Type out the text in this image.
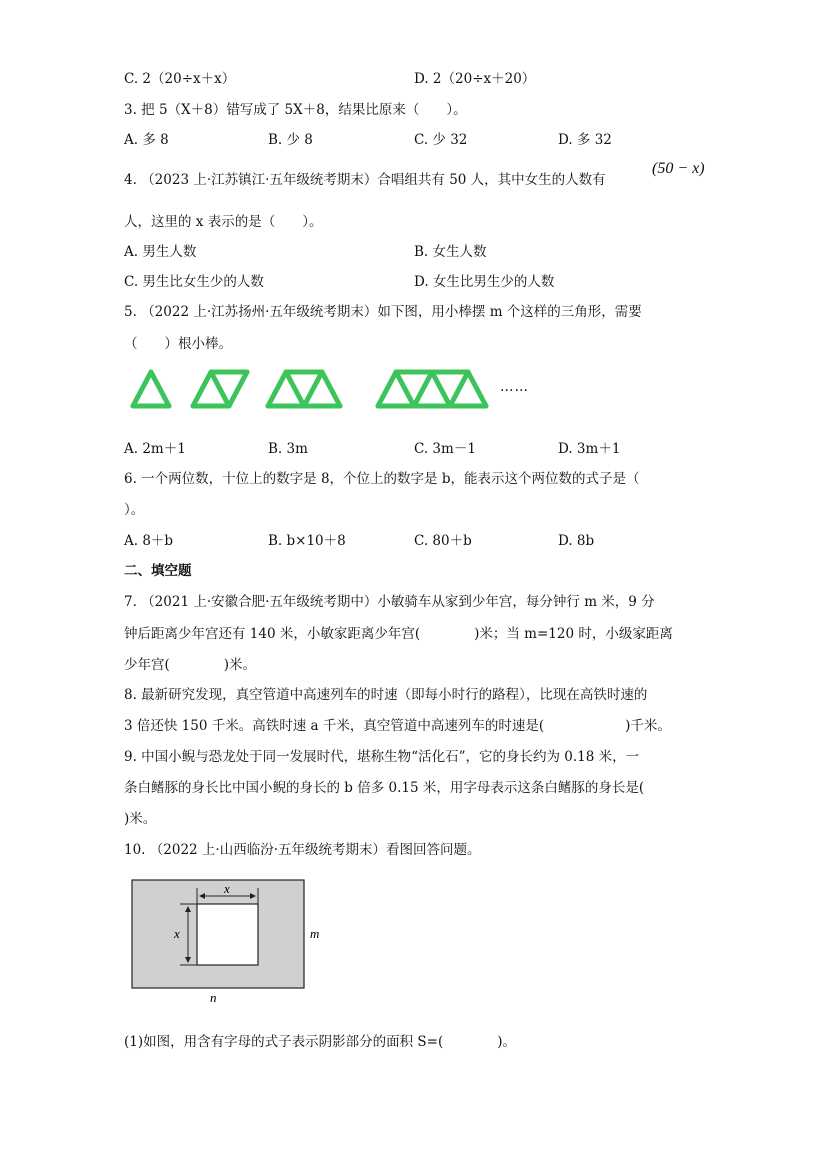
C. 2（20÷x＋x）	D. 2（20÷x＋20）
3. 把 5（X＋8）错写成了 5X＋8，结果比原来（　　）。
A. 多 8	B. 少 8	C. 少 32	D. 多 32
4. （2023 上·江苏镇江·五年级统考期末）合唱组共有 50 人，其中女生的人数有
(50 − x)
人，这里的 x 表示的是（　　）。
A. 男生人数	B. 女生人数
C. 男生比女生少的人数	D. 女生比男生少的人数
5. （2022 上·江苏扬州·五年级统考期末）如下图，用小棒摆 m 个这样的三角形，需要
（　　）根小棒。
……
A. 2m＋1	B. 3m	C. 3m－1	D. 3m＋1
6. 一个两位数，十位上的数字是 8，个位上的数字是 b，能表示这个两位数的式子是（
）。
A. 8＋b	B. b×10＋8	C. 80＋b	D. 8b
二、填空题
7. （2021 上·安徽合肥·五年级统考期中）小敏骑车从家到少年宫，每分钟行 m 米，9 分
钟后距离少年宫还有 140 米，小敏家距离少年宫(　　　　)米；当 m=120 时，小级家距离
少年宫(　　　　)米。
8. 最新研究发现，真空管道中高速列车的时速（即每小时行的路程），比现在高铁时速的
3 倍还快 150 千米。高铁时速 a 千米，真空管道中高速列车的时速是(　　　　　　)千米。
9. 中国小鲵与恐龙处于同一发展时代，堪称生物“活化石”，它的身长约为 0.18 米，一
条白鳍豚的身长比中国小鲵的身长的 b 倍多 0.15 米，用字母表示这条白鳍豚的身长是(
)米。
10. （2022 上·山西临汾·五年级统考期末）看图回答问题。
x
x	m
n
(1)如图，用含有字母的式子表示阴影部分的面积 S=(　　　　)。
